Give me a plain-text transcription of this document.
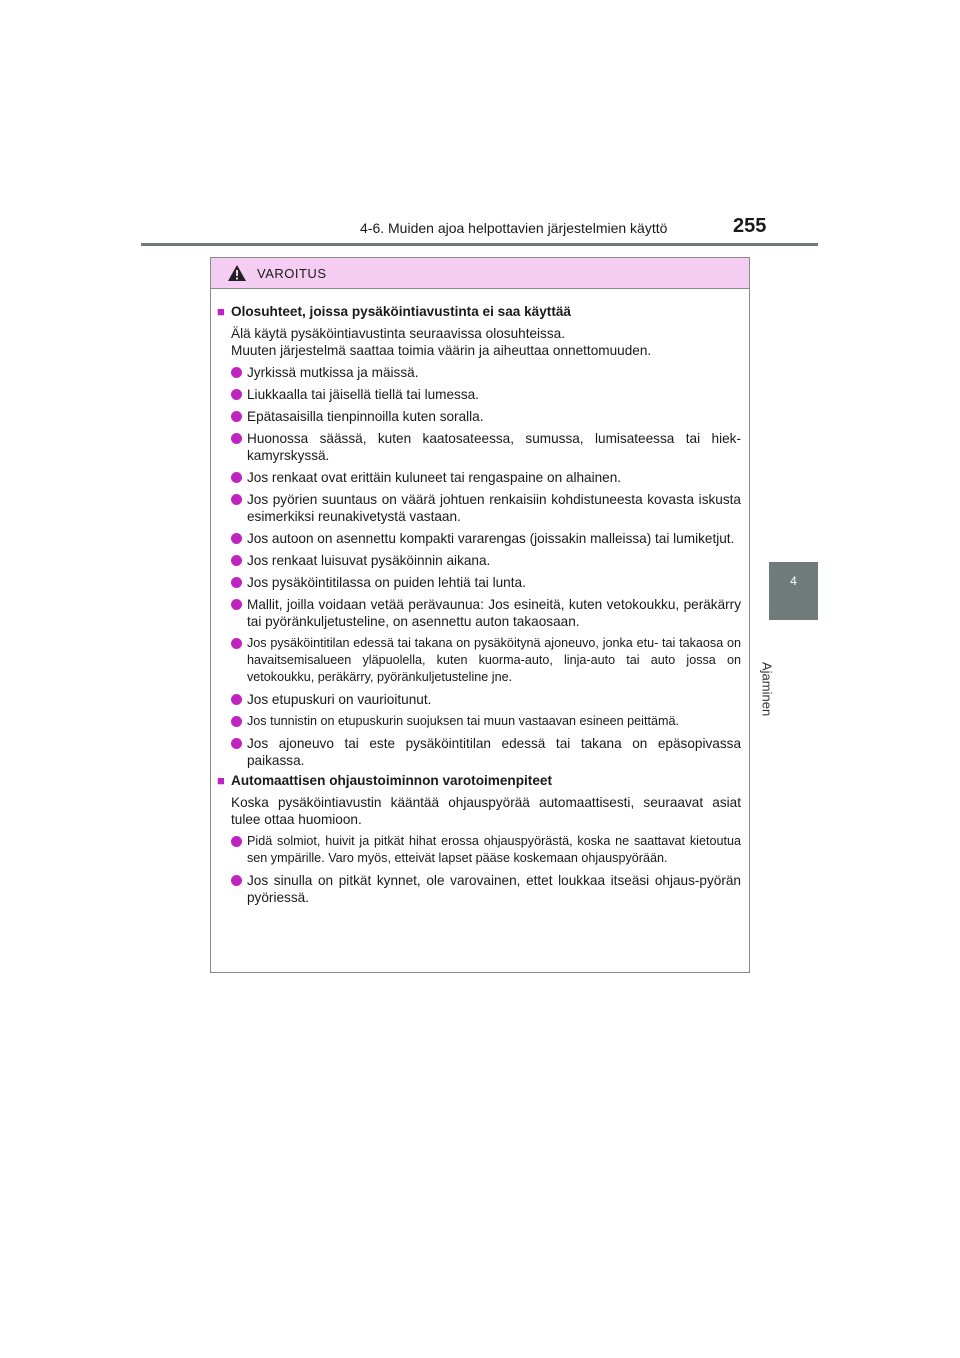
4-6. Muiden ajoa helpottavien järjestelmien käyttö	255
4
Ajaminen
VAROITUS
■ Olosuhteet, joissa pysäköintiavustinta ei saa käyttää
Älä käytä pysäköintiavustinta seuraavissa olosuhteissa.
Muuten järjestelmä saattaa toimia väärin ja aiheuttaa onnettomuuden.
Jyrkissä mutkissa ja mäissä.
Liukkaalla tai jäisellä tiellä tai lumessa.
Epätasaisilla tienpinnoilla kuten soralla.
Huonossa säässä, kuten kaatosateessa, sumussa, lumisateessa tai hiek-kamyrskyssä.
Jos renkaat ovat erittäin kuluneet tai rengaspaine on alhainen.
Jos pyörien suuntaus on väärä johtuen renkaisiin kohdistuneesta kovasta iskusta esimerkiksi reunakivetystä vastaan.
Jos autoon on asennettu kompakti vararengas (joissakin malleissa) tai lumiketjut.
Jos renkaat luisuvat pysäköinnin aikana.
Jos pysäköintitilassa on puiden lehtiä tai lunta.
Mallit, joilla voidaan vetää perävaunua: Jos esineitä, kuten vetokoukku, peräkärry tai pyöränkuljetusteline, on asennettu auton takaosaan.
Jos pysäköintitilan edessä tai takana on pysäköitynä ajoneuvo, jonka etu- tai takaosa on havaitsemisalueen yläpuolella, kuten kuorma-auto, linja-auto tai auto jossa on vetokoukku, peräkärry, pyöränkuljetusteline jne.
Jos etupuskuri on vaurioitunut.
Jos tunnistin on etupuskurin suojuksen tai muun vastaavan esineen peittämä.
Jos ajoneuvo tai este pysäköintitilan edessä tai takana on epäsopivassa paikassa.
■ Automaattisen ohjaustoiminnon varotoimenpiteet
Koska pysäköintiavustin kääntää ohjauspyörää automaattisesti, seuraavat asiat tulee ottaa huomioon.
Pidä solmiot, huivit ja pitkät hihat erossa ohjauspyörästä, koska ne saattavat kietoutua sen ympärille. Varo myös, etteivät lapset pääse koskemaan ohjauspyörään.
Jos sinulla on pitkät kynnet, ole varovainen, ettet loukkaa itseäsi ohjaus-pyörän pyöriessä.
